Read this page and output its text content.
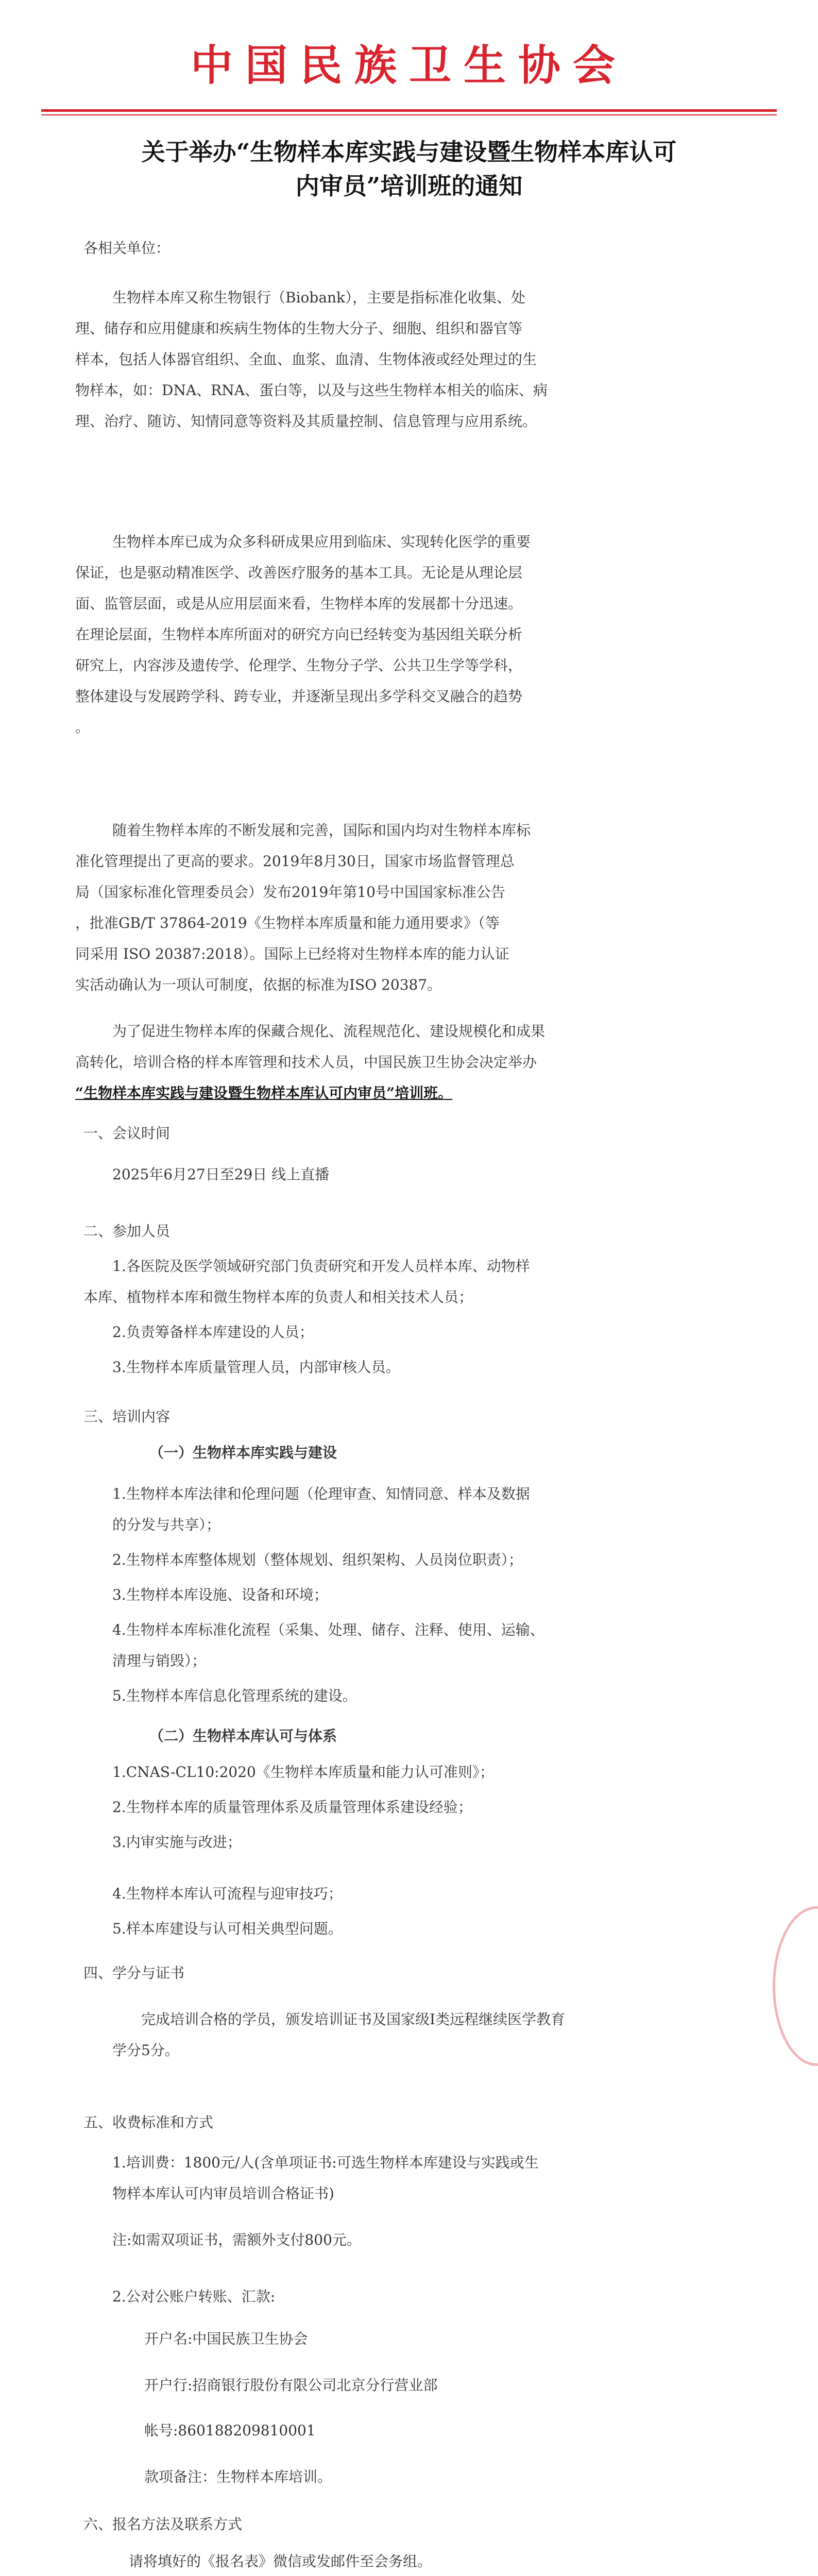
中国民族卫生协会
关于举办“生物样本库实践与建设暨生物样本库认可
内审员”培训班的通知
各相关单位：
生物样本库又称生物银行（Biobank），主要是指标准化收集、处
理、储存和应用健康和疾病生物体的生物大分子、细胞、组织和器官等
样本，包括人体器官组织、全血、血浆、血清、生物体液或经处理过的生
物样本，如：DNA、RNA、蛋白等，以及与这些生物样本相关的临床、病
理、治疗、随访、知情同意等资料及其质量控制、信息管理与应用系统。
生物样本库已成为众多科研成果应用到临床、实现转化医学的重要
保证，也是驱动精准医学、改善医疗服务的基本工具。无论是从理论层
面、监管层面，或是从应用层面来看，生物样本库的发展都十分迅速。
在理论层面，生物样本库所面对的研究方向已经转变为基因组关联分析
研究上，内容涉及遗传学、伦理学、生物分子学、公共卫生学等学科，
整体建设与发展跨学科、跨专业，并逐渐呈现出多学科交叉融合的趋势
。
随着生物样本库的不断发展和完善，国际和国内均对生物样本库标
准化管理提出了更高的要求。2019年8月30日，国家市场监督管理总
局（国家标准化管理委员会）发布2019年第10号中国国家标准公告
，批准GB/T 37864-2019《生物样本库质量和能力通用要求》（等
同采用 ISO 20387:2018）。国际上已经将对生物样本库的能力认证
实活动确认为一项认可制度，依据的标准为ISO 20387。
为了促进生物样本库的保藏合规化、流程规范化、建设规模化和成果
高转化，培训合格的样本库管理和技术人员，中国民族卫生协会决定举办
“生物样本库实践与建设暨生物样本库认可内审员”培训班。
一、会议时间
2025年6月27日至29日 线上直播
二、参加人员
1.各医院及医学领域研究部门负责研究和开发人员样本库、动物样
本库、植物样本库和微生物样本库的负责人和相关技术人员；
2.负责筹备样本库建设的人员；
3.生物样本库质量管理人员，内部审核人员。
三、培训内容
（一）生物样本库实践与建设
1.生物样本库法律和伦理问题（伦理审查、知情同意、样本及数据
的分发与共享）；
2.生物样本库整体规划（整体规划、组织架构、人员岗位职责）；
3.生物样本库设施、设备和环境；
4.生物样本库标准化流程（采集、处理、储存、注释、使用、运输、
清理与销毁）；
5.生物样本库信息化管理系统的建设。
（二）生物样本库认可与体系
1.CNAS-CL10:2020《生物样本库质量和能力认可准则》；
2.生物样本库的质量管理体系及质量管理体系建设经验；
3.内审实施与改进；
4.生物样本库认可流程与迎审技巧；
5.样本库建设与认可相关典型问题。
四、学分与证书
完成培训合格的学员，颁发培训证书及国家级I类远程继续医学教育
学分5分。
五、收费标准和方式
1.培训费：1800元/人(含单项证书:可选生物样本库建设与实践或生
物样本库认可内审员培训合格证书)
注:如需双项证书，需额外支付800元。
2.公对公账户转账、汇款:
开户名:中国民族卫生协会
开户行:招商银行股份有限公司北京分行营业部
帐号:860188209810001
款项备注：生物样本库培训。
六、报名方法及联系方式
请将填好的《报名表》微信或发邮件至会务组。
